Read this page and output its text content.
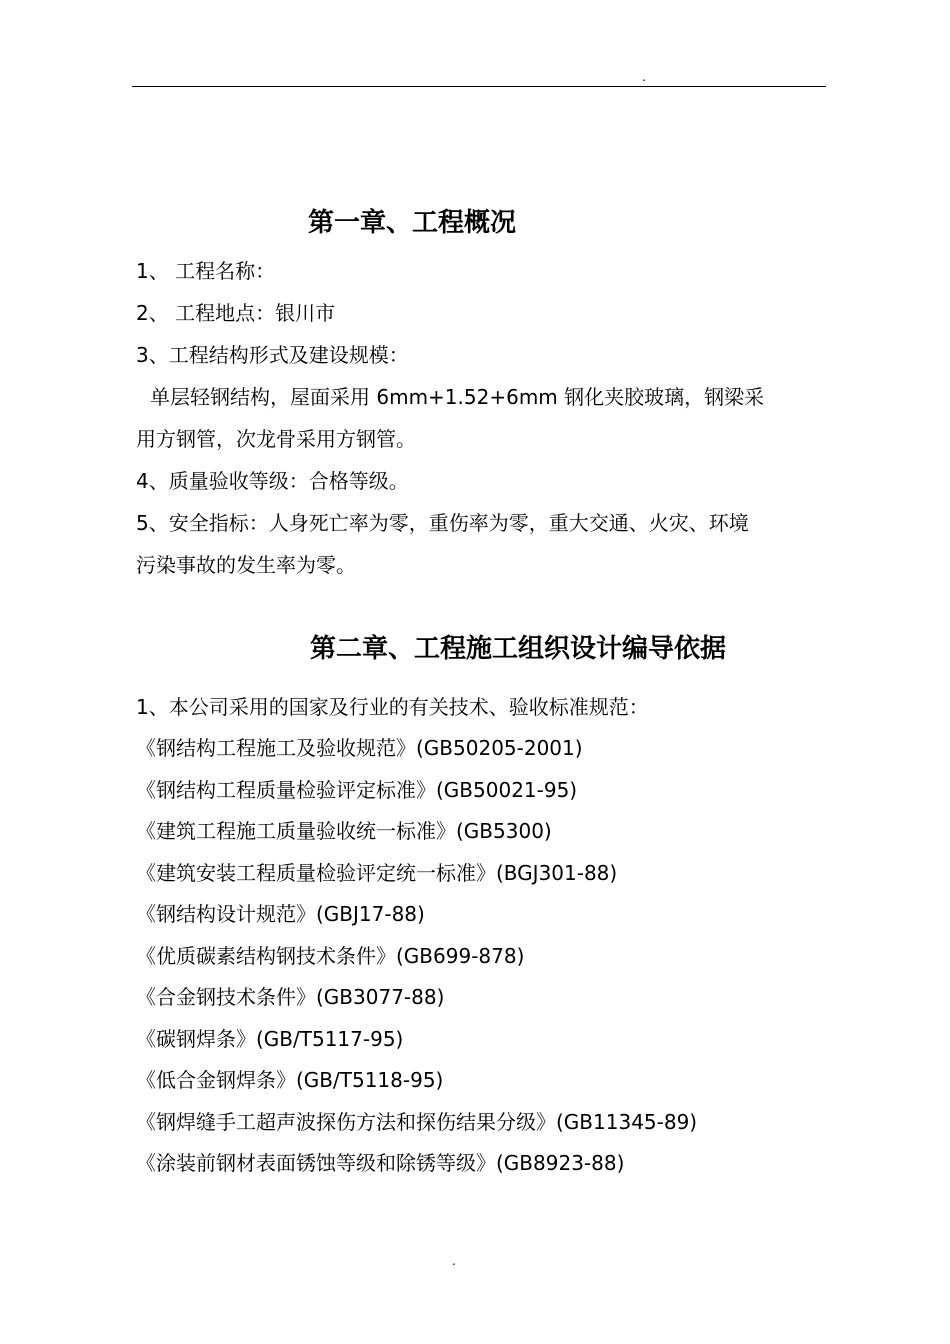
.
第一章、工程概况
1、 工程名称：
2、 工程地点：银川市
3、工程结构形式及建设规模：
单层轻钢结构，屋面采用 6mm+1.52+6mm 钢化夹胶玻璃，钢梁采
用方钢管，次龙骨采用方钢管。
4、质量验收等级：合格等级。
5、安全指标：人身死亡率为零，重伤率为零，重大交通、火灾、环境
污染事故的发生率为零。
第二章、工程施工组织设计编导依据
1、本公司采用的国家及行业的有关技术、验收标准规范：
《钢结构工程施工及验收规范》(GB50205-2001)
《钢结构工程质量检验评定标准》(GB50021-95)
《建筑工程施工质量验收统一标准》(GB5300)
《建筑安装工程质量检验评定统一标准》(BGJ301-88)
《钢结构设计规范》(GBJ17-88)
《优质碳素结构钢技术条件》(GB699-878)
《合金钢技术条件》(GB3077-88)
《碳钢焊条》(GB/T5117-95)
《低合金钢焊条》(GB/T5118-95)
《钢焊缝手工超声波探伤方法和探伤结果分级》(GB11345-89)
《涂装前钢材表面锈蚀等级和除锈等级》(GB8923-88)
.
